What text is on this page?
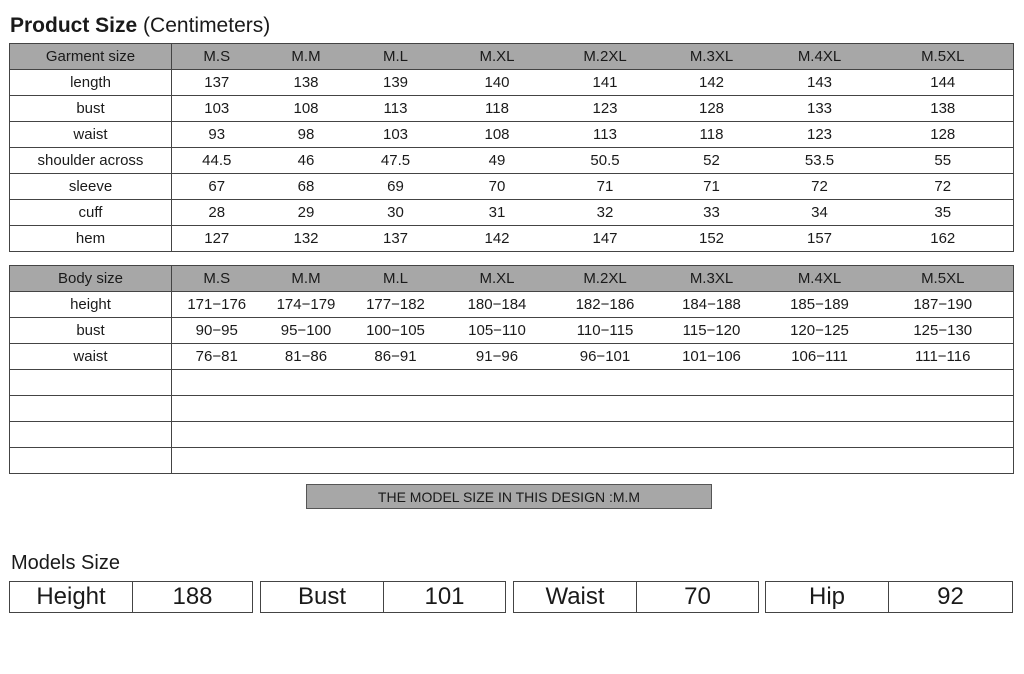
Product Size (Centimeters)
Garment size	M.S	M.M	M.L	M.XL	M.2XL	M.3XL	M.4XL	M.5XL
length	137	138	139	140	141	142	143	144
bust	103	108	113	118	123	128	133	138
waist	93	98	103	108	113	118	123	128
shoulder across	44.5	46	47.5	49	50.5	52	53.5	55
sleeve	67	68	69	70	71	71	72	72
cuff	28	29	30	31	32	33	34	35
hem	127	132	137	142	147	152	157	162
Body size	M.S	M.M	M.L	M.XL	M.2XL	M.3XL	M.4XL	M.5XL
height	171−176	174−179	177−182	180−184	182−186	184−188	185−189	187−190
bust	90−95	95−100	100−105	105−110	110−115	115−120	120−125	125−130
waist	76−81	81−86	86−91	91−96	96−101	101−106	106−111	111−116

THE MODEL SIZE IN THIS DESIGN :M.M
Models Size
Height	188	Bust	101	Waist	70	Hip	92
